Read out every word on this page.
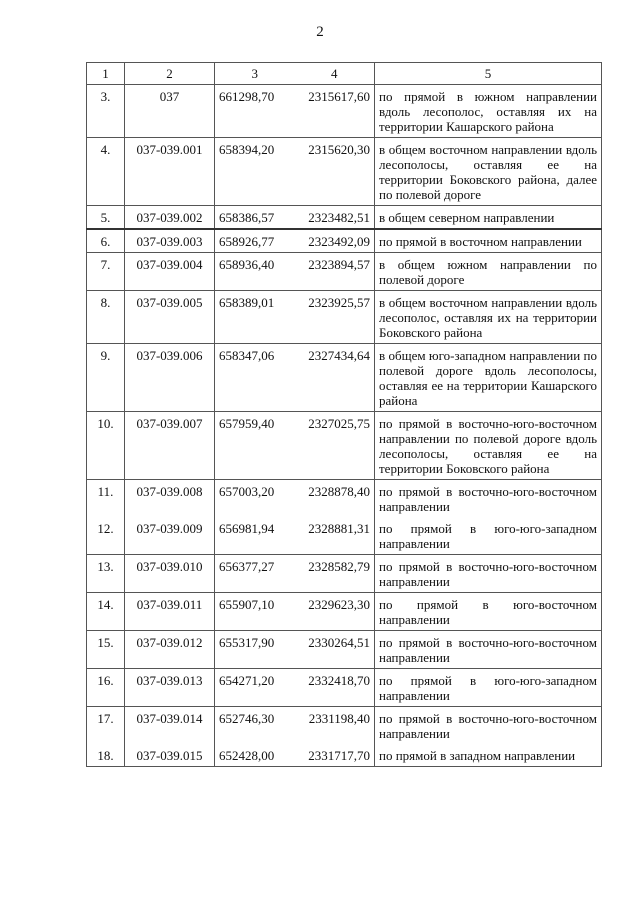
2
1	2	3	4	5
3.	037	661298,70	2315617,60	по прямой в южном направлении вдоль лесополос, оставляя их на территории Кашарского района
4.	037-039.001	658394,20	2315620,30	в общем восточном направлении вдоль лесополосы, оставляя ее на территории Боковского района, далее по полевой дороге
5.	037-039.002	658386,57	2323482,51	в общем северном направлении
6.	037-039.003	658926,77	2323492,09	по прямой в восточном направлении
7.	037-039.004	658936,40	2323894,57	в общем южном направлении по полевой дороге
8.	037-039.005	658389,01	2323925,57	в общем восточном направлении вдоль лесополос, оставляя их на территории Боковского района
9.	037-039.006	658347,06	2327434,64	в общем юго-западном направлении по полевой дороге вдоль лесополосы, оставляя ее на территории Кашарского района
10.	037-039.007	657959,40	2327025,75	по прямой в восточно-юго-восточном направлении по полевой дороге вдоль лесополосы, оставляя ее на территории Боковского района
11.	037-039.008	657003,20	2328878,40	по прямой в восточно-юго-восточном направлении
12.	037-039.009	656981,94	2328881,31	по прямой в юго-юго-западном направлении
13.	037-039.010	656377,27	2328582,79	по прямой в восточно-юго-восточном направлении
14.	037-039.011	655907,10	2329623,30	по прямой в юго-восточном направлении
15.	037-039.012	655317,90	2330264,51	по прямой в восточно-юго-восточном направлении
16.	037-039.013	654271,20	2332418,70	по прямой в юго-юго-западном направлении
17.	037-039.014	652746,30	2331198,40	по прямой в восточно-юго-восточном направлении
18.	037-039.015	652428,00	2331717,70	по прямой в западном направлении
